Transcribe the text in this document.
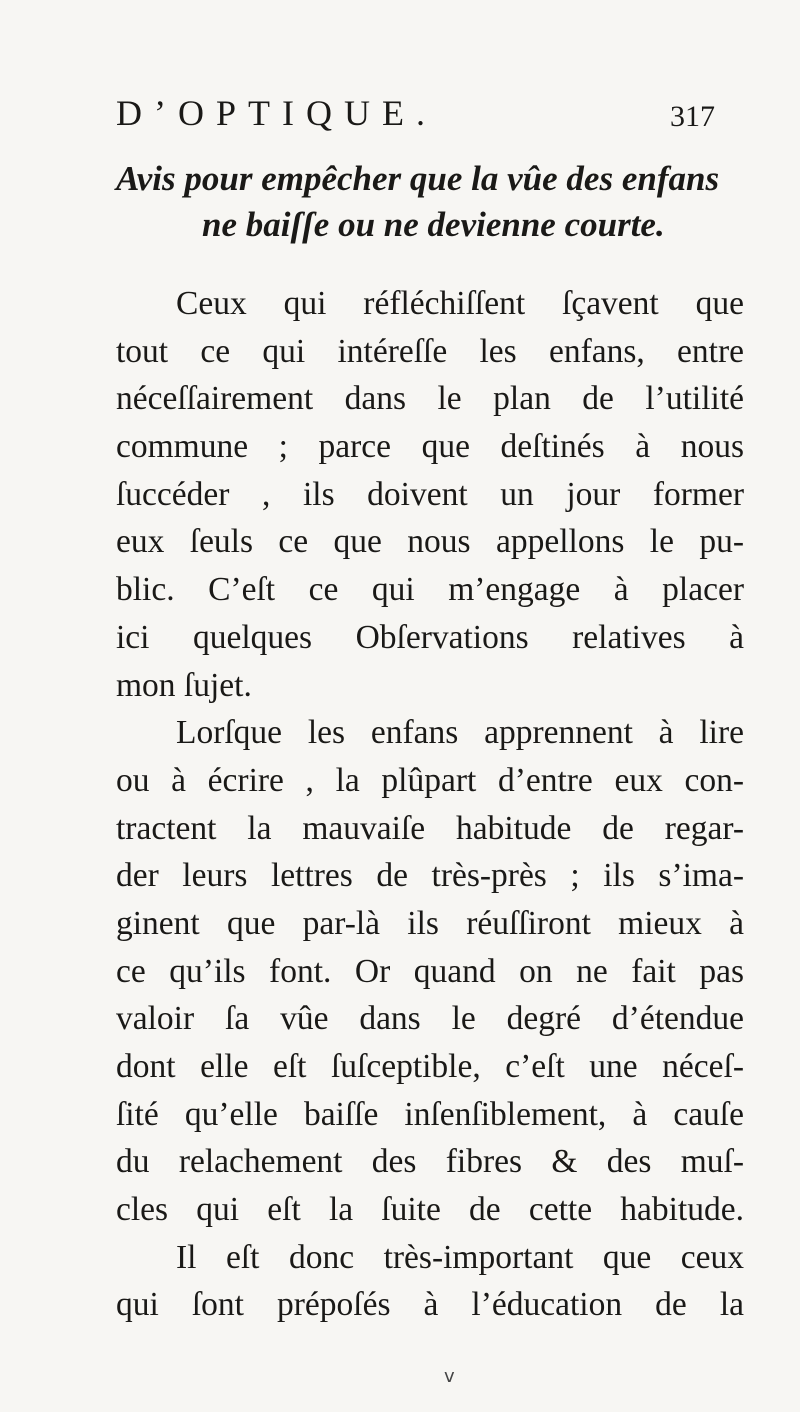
D’OPTIQUE.	317
Avis pour empêcher que la vûe des enfans
ne baiſſe ou ne devienne courte.
Ceux qui réfléchiſſent ſçavent que
tout ce qui intéreſſe les enfans, entre
néceſſairement dans le plan de l’utilité
commune ; parce que deſtinés à nous
ſuccéder , ils doivent un jour former
eux ſeuls ce que nous appellons le pu-
blic. C’eſt ce qui m’engage à placer
ici quelques Obſervations relatives à
mon ſujet.
Lorſque les enfans apprennent à lire
ou à écrire , la plûpart d’entre eux con-
tractent la mauvaiſe habitude de regar-
der leurs lettres de très-près ; ils s’ima-
ginent que par-là ils réuſſiront mieux à
ce qu’ils font. Or quand on ne fait pas
valoir ſa vûe dans le degré d’étendue
dont elle eſt ſuſceptible, c’eſt une néceſ-
ſité qu’elle baiſſe inſenſiblement, à cauſe
du relachement des fibres & des muſ-
cles qui eſt la ſuite de cette habitude.
Il eſt donc très-important que ceux
qui ſont prépoſés à l’éducation de la
v
